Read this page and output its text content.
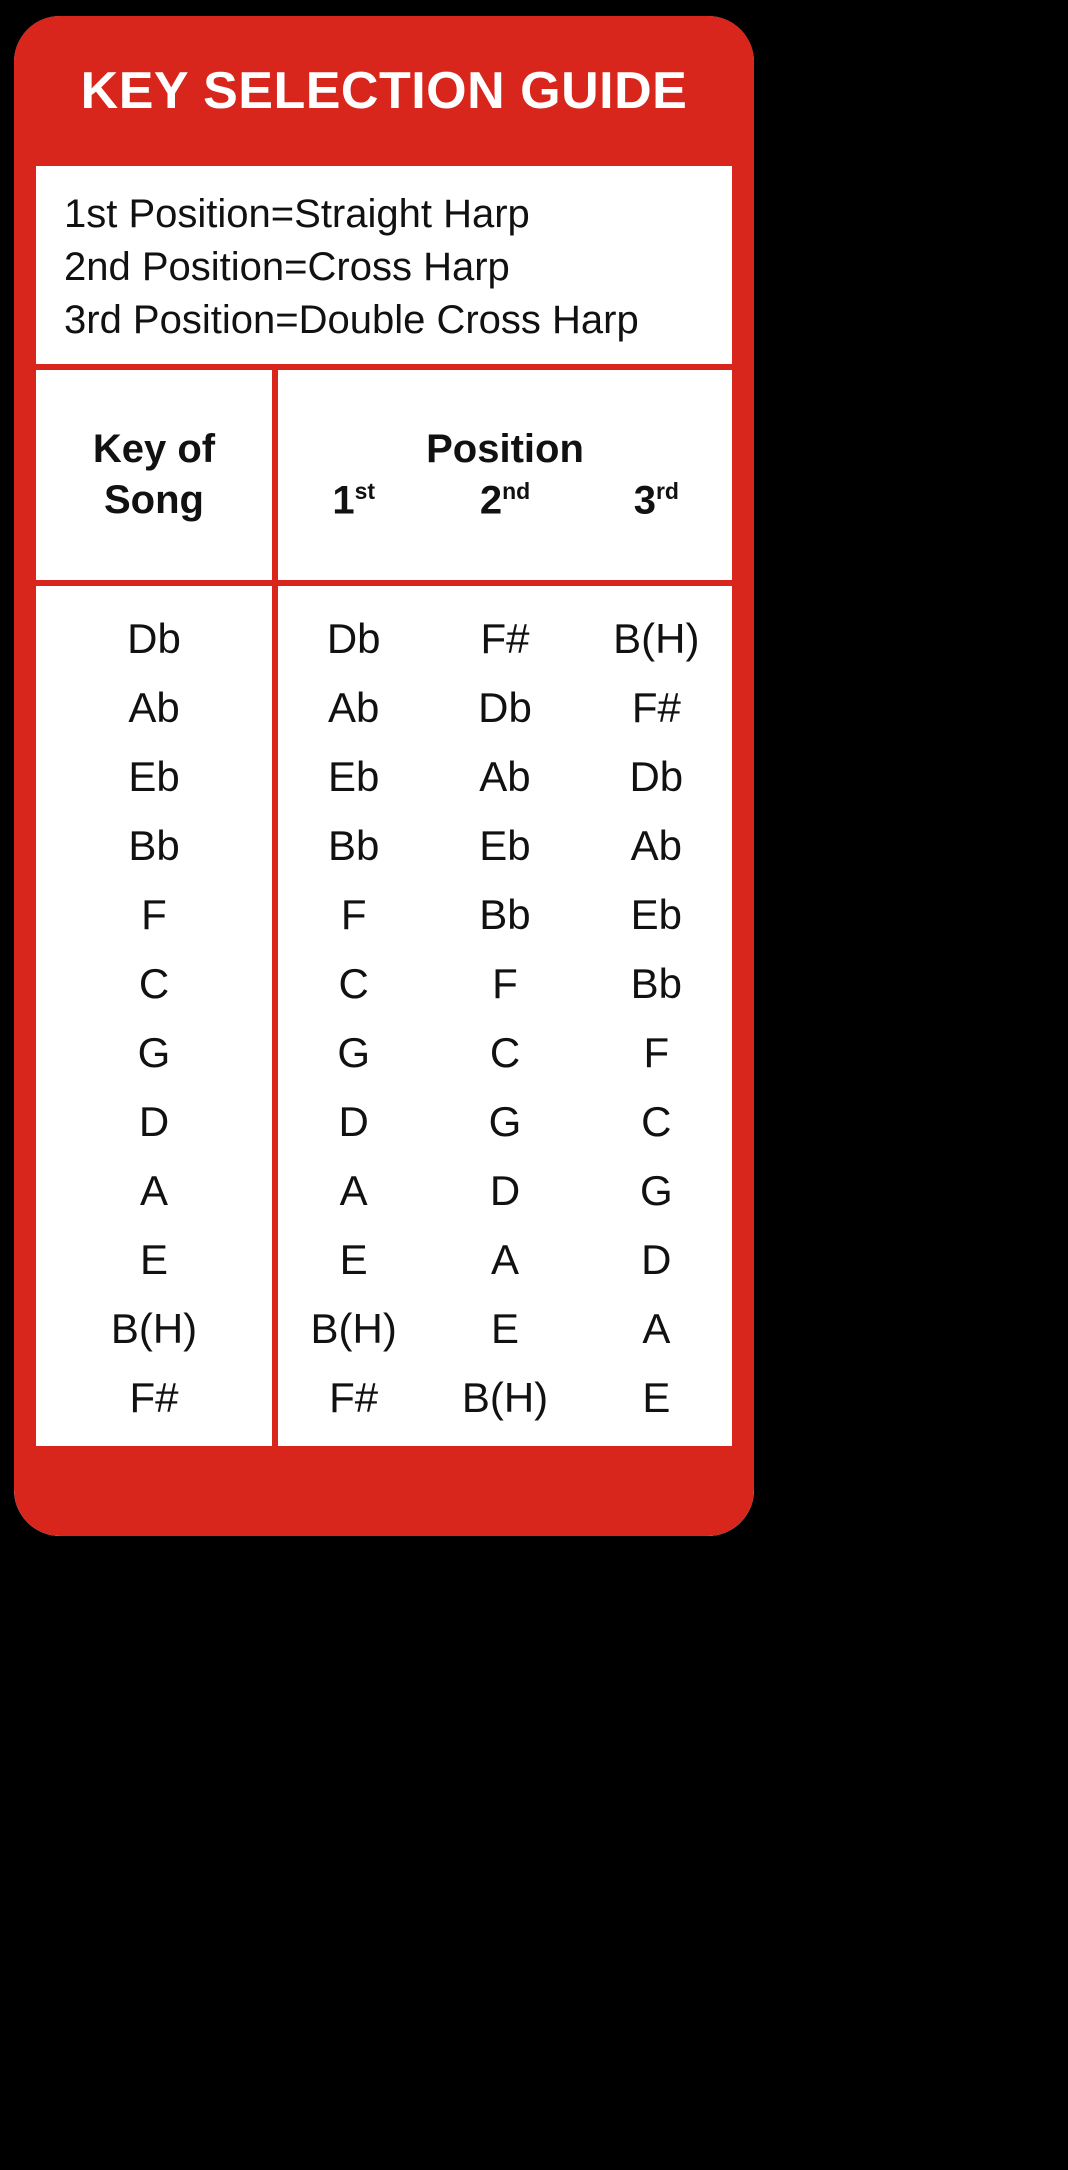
KEY SELECTION GUIDE
1st Position=Straight Harp
2nd Position=Cross Harp
3rd Position=Double Cross Harp
Key of
Song
Position
1st	2nd	3rd
Db
Ab
Eb
Bb
F
C
G
D
A
E
B(H)
F#
Db
Ab
Eb
Bb
F
C
G
D
A
E
B(H)
F#
F#
Db
Ab
Eb
Bb
F
C
G
D
A
E
B(H)
B(H)
F#
Db
Ab
Eb
Bb
F
C
G
D
A
E
